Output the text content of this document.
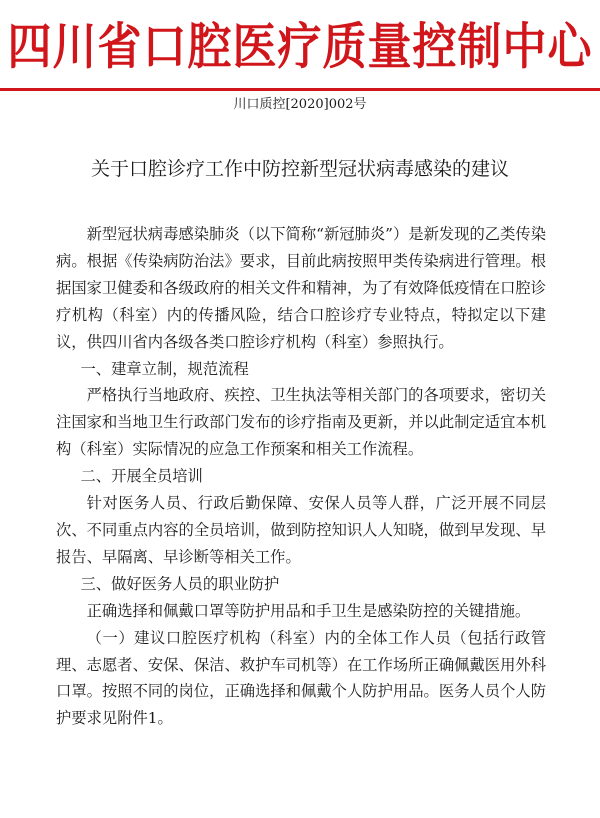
四川省口腔医疗质量控制中心
川口质控[2020]002号
关于口腔诊疗工作中防控新型冠状病毒感染的建议

新型冠状病毒感染肺炎（以下简称“新冠肺炎”）是新发现的乙类传染病。根据《传染病防治法》要求，目前此病按照甲类传染病进行管理。根据国家卫健委和各级政府的相关文件和精神，为了有效降低疫情在口腔诊疗机构（科室）内的传播风险，结合口腔诊疗专业特点，特拟定以下建议，供四川省内各级各类口腔诊疗机构（科室）参照执行。

一、建章立制，规范流程

严格执行当地政府、疾控、卫生执法等相关部门的各项要求，密切关注国家和当地卫生行政部门发布的诊疗指南及更新，并以此制定适宜本机构（科室）实际情况的应急工作预案和相关工作流程。

二、开展全员培训

针对医务人员、行政后勤保障、安保人员等人群，广泛开展不同层次、不同重点内容的全员培训，做到防控知识人人知晓，做到早发现、早报告、早隔离、早诊断等相关工作。

三、做好医务人员的职业防护

正确选择和佩戴口罩等防护用品和手卫生是感染防控的关键措施。

（一）建议口腔医疗机构（科室）内的全体工作人员（包括行政管理、志愿者、安保、保洁、救护车司机等）在工作场所正确佩戴医用外科口罩。按照不同的岗位，正确选择和佩戴个人防护用品。医务人员个人防护要求见附件1。
